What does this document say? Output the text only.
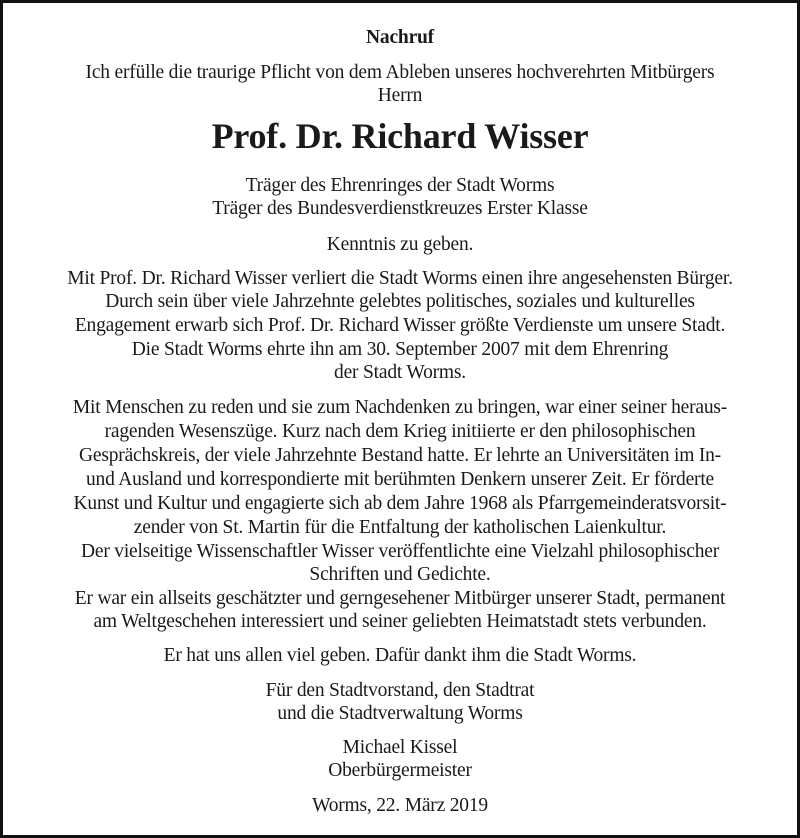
Nachruf
Ich erfülle die traurige Pflicht von dem Ableben unseres hochverehrten Mitbürgers
Herrn
Prof. Dr. Richard Wisser
Träger des Ehrenringes der Stadt Worms
Träger des Bundesverdienstkreuzes Erster Klasse
Kenntnis zu geben.
Mit Prof. Dr. Richard Wisser verliert die Stadt Worms einen ihre angesehensten Bürger.
Durch sein über viele Jahrzehnte gelebtes politisches, soziales und kulturelles
Engagement erwarb sich Prof. Dr. Richard Wisser größte Verdienste um unsere Stadt.
Die Stadt Worms ehrte ihn am 30. September 2007 mit dem Ehrenring
der Stadt Worms.
Mit Menschen zu reden und sie zum Nachdenken zu bringen, war einer seiner heraus-
ragenden Wesenszüge. Kurz nach dem Krieg initiierte er den philosophischen
Gesprächskreis, der viele Jahrzehnte Bestand hatte. Er lehrte an Universitäten im In-
und Ausland und korrespondierte mit berühmten Denkern unserer Zeit. Er förderte
Kunst und Kultur und engagierte sich ab dem Jahre 1968 als Pfarrgemeinderatsvorsit-
zender von St. Martin für die Entfaltung der katholischen Laienkultur.
Der vielseitige Wissenschaftler Wisser veröffentlichte eine Vielzahl philosophischer
Schriften und Gedichte.
Er war ein allseits geschätzter und gerngesehener Mitbürger unserer Stadt, permanent
am Weltgeschehen interessiert und seiner geliebten Heimatstadt stets verbunden.
Er hat uns allen viel geben. Dafür dankt ihm die Stadt Worms.
Für den Stadtvorstand, den Stadtrat
und die Stadtverwaltung Worms
Michael Kissel
Oberbürgermeister
Worms, 22. März 2019
